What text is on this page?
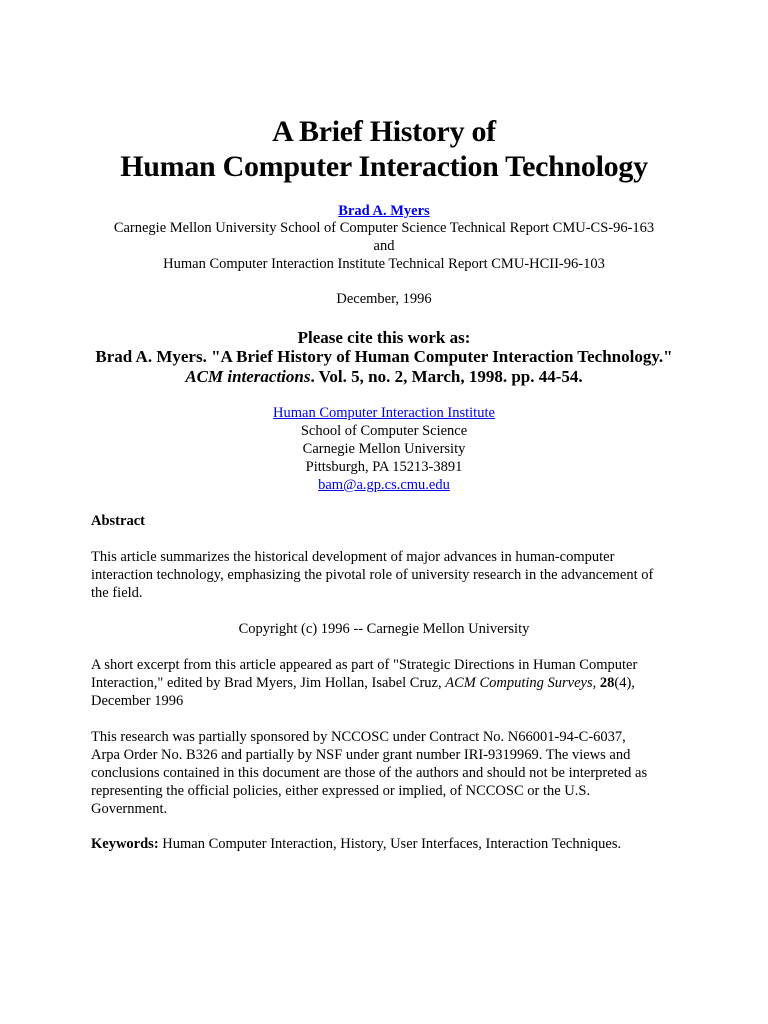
A Brief History of
Human Computer Interaction Technology
Brad A. Myers
Carnegie Mellon University School of Computer Science Technical Report CMU-CS-96-163
and
Human Computer Interaction Institute Technical Report CMU-HCII-96-103
December, 1996
Please cite this work as:
Brad A. Myers. "A Brief History of Human Computer Interaction Technology."
ACM interactions. Vol. 5, no. 2, March, 1998. pp. 44-54.
Human Computer Interaction Institute
School of Computer Science
Carnegie Mellon University
Pittsburgh, PA 15213-3891
bam@a.gp.cs.cmu.edu
Abstract
This article summarizes the historical development of major advances in human-computer
interaction technology, emphasizing the pivotal role of university research in the advancement of
the field.
Copyright (c) 1996 -- Carnegie Mellon University
A short excerpt from this article appeared as part of "Strategic Directions in Human Computer
Interaction," edited by Brad Myers, Jim Hollan, Isabel Cruz, ACM Computing Surveys, 28(4),
December 1996
This research was partially sponsored by NCCOSC under Contract No. N66001-94-C-6037,
Arpa Order No. B326 and partially by NSF under grant number IRI-9319969. The views and
conclusions contained in this document are those of the authors and should not be interpreted as
representing the official policies, either expressed or implied, of NCCOSC or the U.S.
Government.
Keywords: Human Computer Interaction, History, User Interfaces, Interaction Techniques.
